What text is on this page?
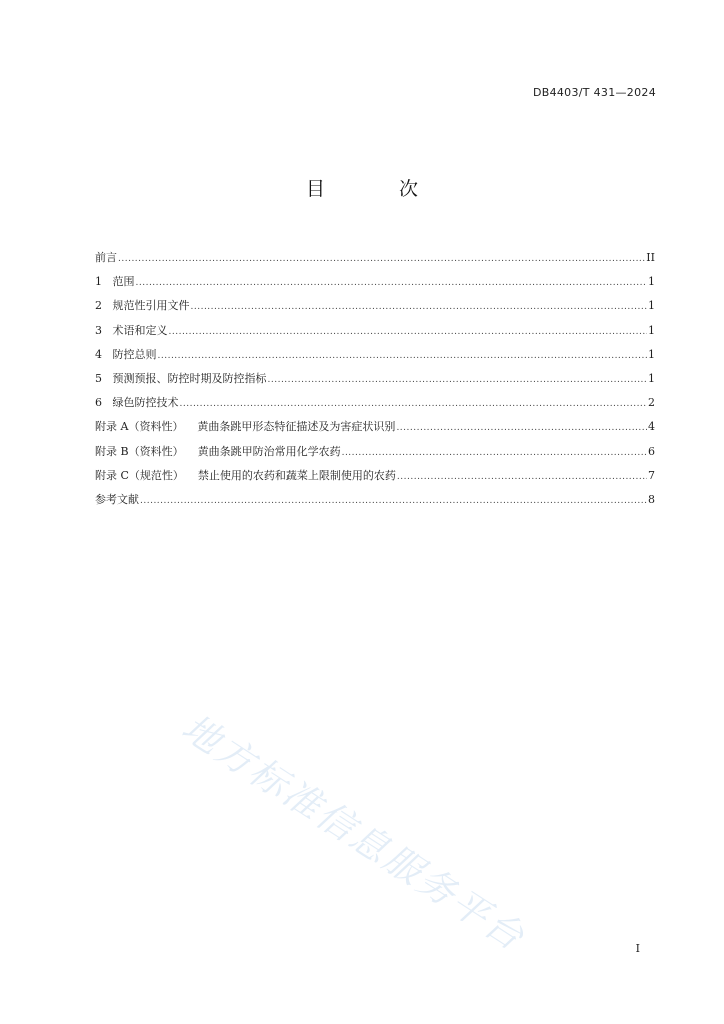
DB4403/T 431—2024
目 次
前言 .....	II
1   范围 .....	1
2   规范性引用文件 .....	1
3   术语和定义 .....	1
4   防控总则 .....	1
5   预测预报、防控时期及防控指标 .....	1
6   绿色防控技术 .....	2
附录 A（资料性）    黄曲条跳甲形态特征描述及为害症状识别 .....	4
附录 B（资料性）    黄曲条跳甲防治常用化学农药 .....	6
附录 C（规范性）    禁止使用的农药和蔬菜上限制使用的农药 .....	7
参考文献 .....	8
地方标准信息服务平台	I
